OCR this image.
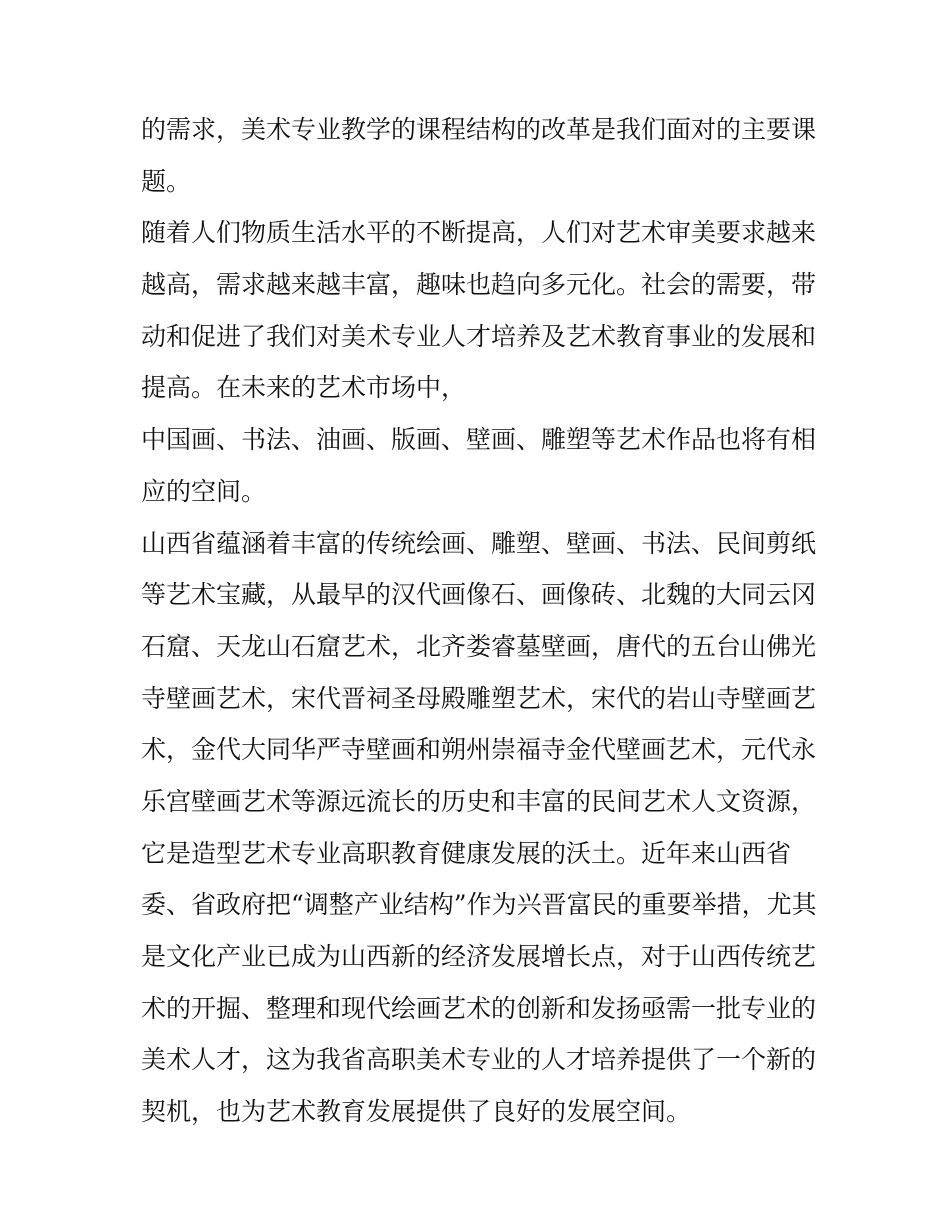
的需求，美术专业教学的课程结构的改革是我们面对的主要课
题。
随着人们物质生活水平的不断提高，人们对艺术审美要求越来
越高，需求越来越丰富，趣味也趋向多元化。社会的需要，带
动和促进了我们对美术专业人才培养及艺术教育事业的发展和
提高。在未来的艺术市场中，
中国画、书法、油画、版画、壁画、雕塑等艺术作品也将有相
应的空间。
山西省蕴涵着丰富的传统绘画、雕塑、壁画、书法、民间剪纸
等艺术宝藏，从最早的汉代画像石、画像砖、北魏的大同云冈
石窟、天龙山石窟艺术，北齐娄睿墓壁画，唐代的五台山佛光
寺壁画艺术，宋代晋祠圣母殿雕塑艺术，宋代的岩山寺壁画艺
术，金代大同华严寺壁画和朔州崇福寺金代壁画艺术，元代永
乐宫壁画艺术等源远流长的历史和丰富的民间艺术人文资源，
它是造型艺术专业高职教育健康发展的沃土。近年来山西省
委、省政府把“调整产业结构”作为兴晋富民的重要举措，尤其
是文化产业已成为山西新的经济发展增长点，对于山西传统艺
术的开掘、整理和现代绘画艺术的创新和发扬亟需一批专业的
美术人才，这为我省高职美术专业的人才培养提供了一个新的
契机，也为艺术教育发展提供了良好的发展空间。
